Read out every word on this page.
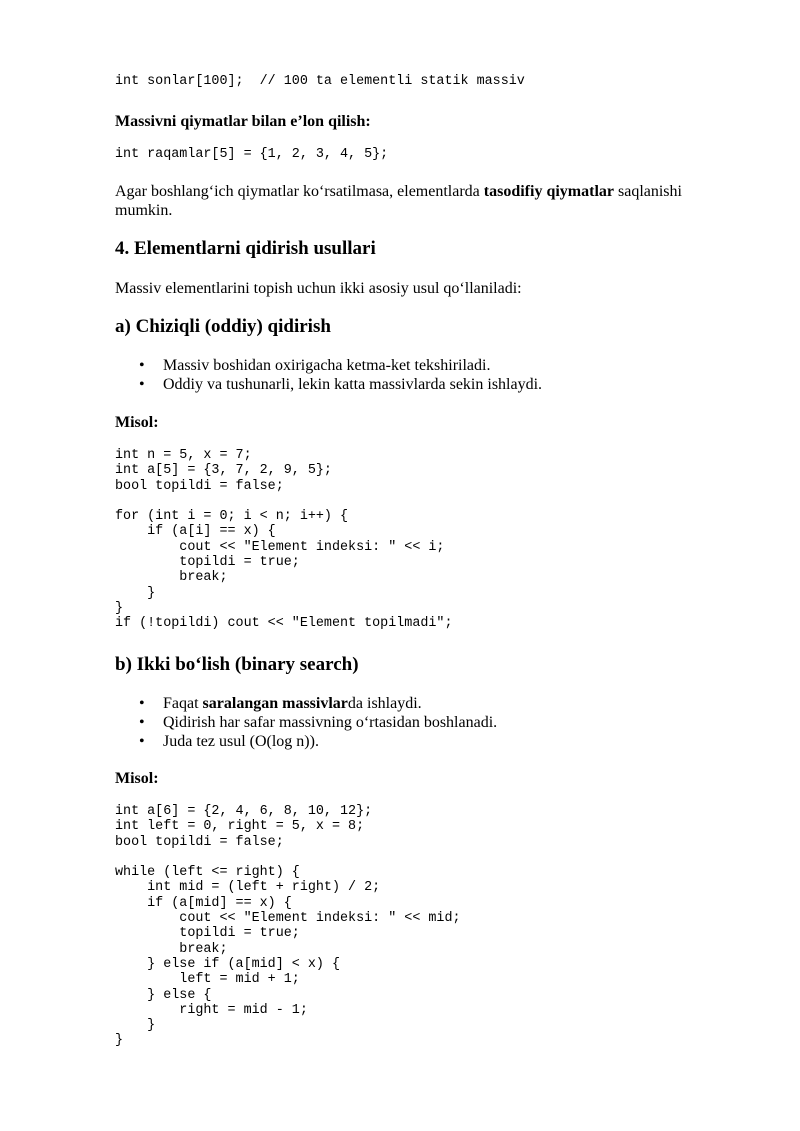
int sonlar[100];  // 100 ta elementli statik massiv

Massivni qiymatlar bilan e’lon qilish:

int raqamlar[5] = {1, 2, 3, 4, 5};

Agar boshlang‘ich qiymatlar ko‘rsatilmasa, elementlarda tasodifiy qiymatlar saqlanishi mumkin.

4. Elementlarni qidirish usullari

Massiv elementlarini topish uchun ikki asosiy usul qo‘llaniladi:

a) Chiziqli (oddiy) qidirish
• Massiv boshidan oxirigacha ketma-ket tekshiriladi.
• Oddiy va tushunarli, lekin katta massivlarda sekin ishlaydi.

Misol:

int n = 5, x = 7;
int a[5] = {3, 7, 2, 9, 5};
bool topildi = false;

for (int i = 0; i < n; i++) {
if (a[i] == x) {
cout << "Element indeksi: " << i;
topildi = true;
break;
}
}
if (!topildi) cout << "Element topilmadi";
b) Ikki bo‘lish (binary search)
• Faqat saralangan massivlarda ishlaydi.
• Qidirish har safar massivning o‘rtasidan boshlanadi.
• Juda tez usul (O(log n)).

Misol:

int a[6] = {2, 4, 6, 8, 10, 12};
int left = 0, right = 5, x = 8;
bool topildi = false;

while (left <= right) {
int mid = (left + right) / 2;
if (a[mid] == x) {
cout << "Element indeksi: " << mid;
topildi = true;
break;
} else if (a[mid] < x) {
left = mid + 1;
} else {
right = mid - 1;
}
}
